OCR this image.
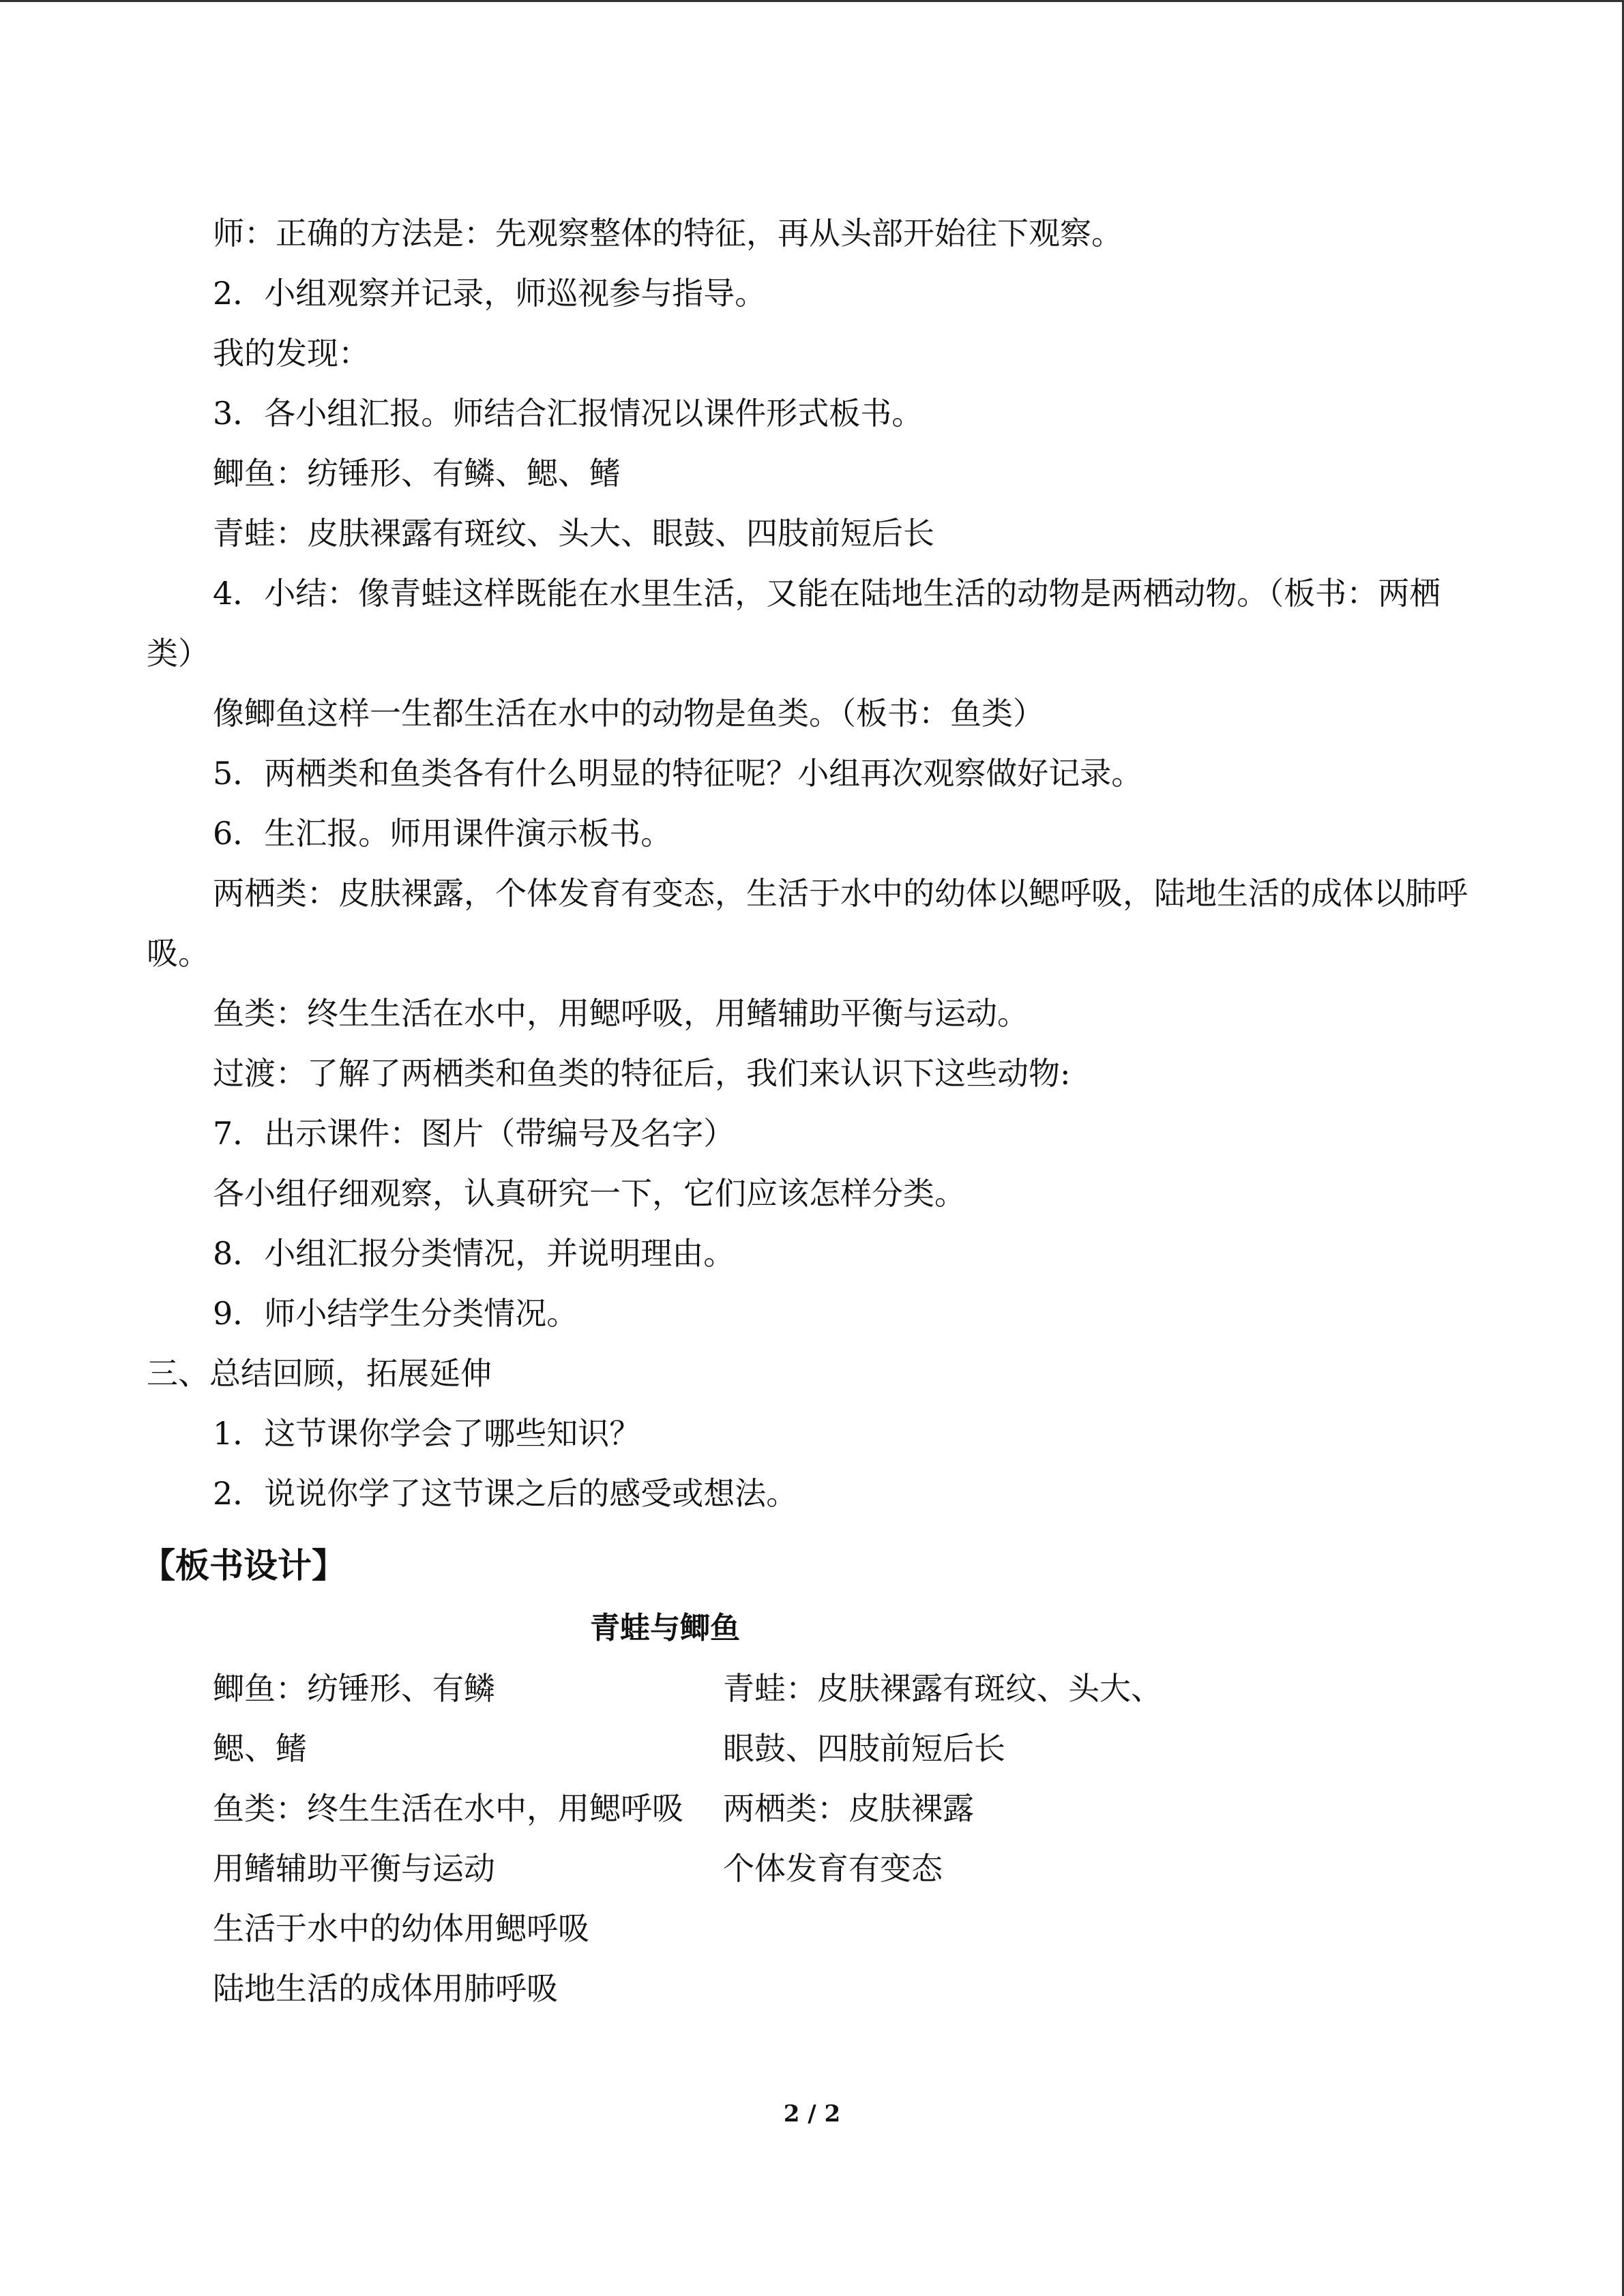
师：正确的方法是：先观察整体的特征，再从头部开始往下观察。

2．小组观察并记录，师巡视参与指导。

我的发现：

3．各小组汇报。师结合汇报情况以课件形式板书。

鲫鱼：纺锤形、有鳞、鳃、鳍

青蛙：皮肤裸露有斑纹、头大、眼鼓、四肢前短后长

4．小结：像青蛙这样既能在水里生活，又能在陆地生活的动物是两栖动物。（板书：两栖类）

像鲫鱼这样一生都生活在水中的动物是鱼类。（板书：鱼类）

5．两栖类和鱼类各有什么明显的特征呢？小组再次观察做好记录。

6．生汇报。师用课件演示板书。

两栖类：皮肤裸露，个体发育有变态，生活于水中的幼体以鳃呼吸，陆地生活的成体以肺呼吸。

鱼类：终生生活在水中，用鳃呼吸，用鳍辅助平衡与运动。

过渡：了解了两栖类和鱼类的特征后，我们来认识下这些动物:

7．出示课件：图片（带编号及名字）

各小组仔细观察，认真研究一下，它们应该怎样分类。

8．小组汇报分类情况，并说明理由。

9．师小结学生分类情况。

三、总结回顾，拓展延伸

1．这节课你学会了哪些知识？

2．说说你学了这节课之后的感受或想法。

【板书设计】

青蛙与鲫鱼

鲫鱼：纺锤形、有鳞	青蛙：皮肤裸露有斑纹、头大、
鳃、鳍	眼鼓、四肢前短后长
鱼类：终生生活在水中，用鳃呼吸	两栖类：皮肤裸露
用鳍辅助平衡与运动	个体发育有变态
生活于水中的幼体用鳃呼吸
陆地生活的成体用肺呼吸
2 / 2
